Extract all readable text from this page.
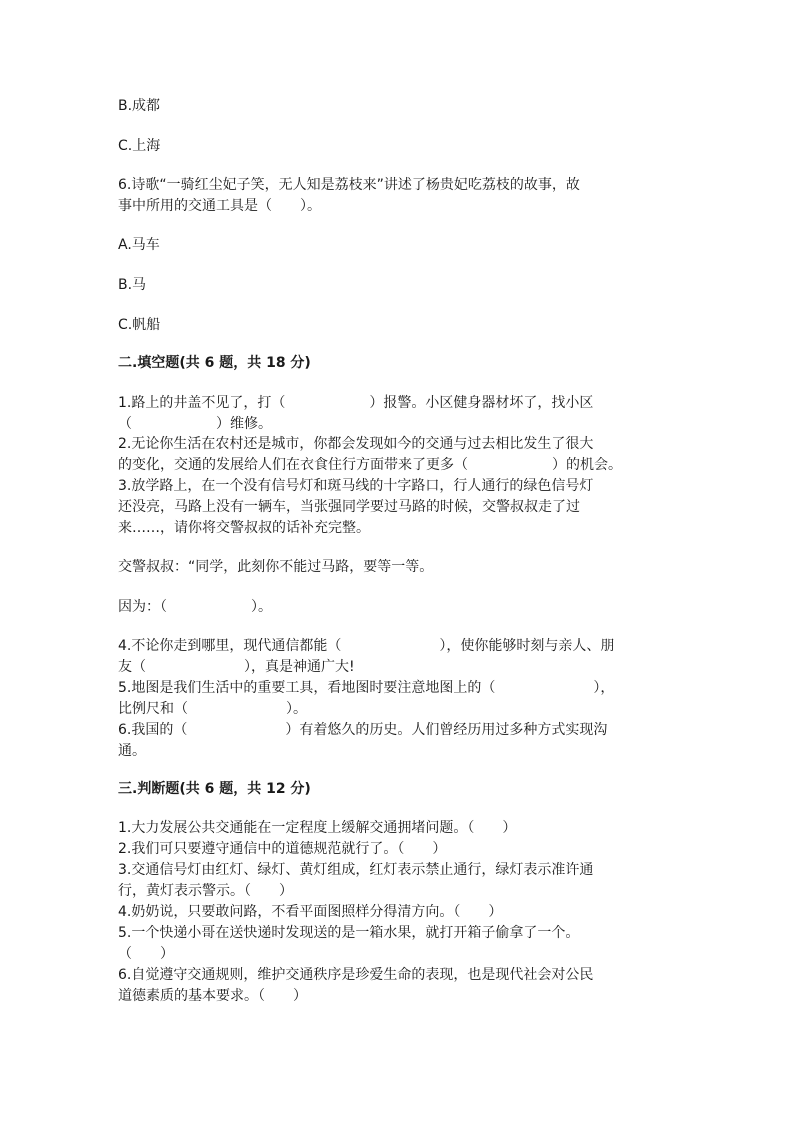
B.成都
C.上海
6.诗歌“一骑红尘妃子笑，无人知是荔枝来”讲述了杨贵妃吃荔枝的故事，故
事中所用的交通工具是（　　）。
A.马车
B.马
C.帆船
二.填空题(共 6 题，共 18 分)
1.路上的井盖不见了，打（　　　　　　）报警。小区健身器材坏了，找小区
（　　　　　　）维修。
2.无论你生活在农村还是城市，你都会发现如今的交通与过去相比发生了很大
的变化，交通的发展给人们在衣食住行方面带来了更多（　　　　　　）的机会。
3.放学路上，在一个没有信号灯和斑马线的十字路口，行人通行的绿色信号灯
还没亮，马路上没有一辆车，当张强同学要过马路的时候，交警叔叔走了过
来……，请你将交警叔叔的话补充完整。
交警叔叔：“同学，此刻你不能过马路，要等一等。
因为：（　　　　　　）。
4.不论你走到哪里，现代通信都能（　　　　　　　），使你能够时刻与亲人、朋
友（　　　　　　　），真是神通广大!
5.地图是我们生活中的重要工具，看地图时要注意地图上的（　　　　　　　），
比例尺和（　　　　　　　）。
6.我国的（　　　　　　　）有着悠久的历史。人们曾经历用过多种方式实现沟
通。
三.判断题(共 6 题，共 12 分)
1.大力发展公共交通能在一定程度上缓解交通拥堵问题。（　　）
2.我们可只要遵守通信中的道德规范就行了。（　　）
3.交通信号灯由红灯、绿灯、黄灯组成，红灯表示禁止通行，绿灯表示准许通
行，黄灯表示警示。（　　）
4.奶奶说，只要敢问路，不看平面图照样分得清方向。（　　）
5.一个快递小哥在送快递时发现送的是一箱水果，就打开箱子偷拿了一个。
（　　）
6.自觉遵守交通规则，维护交通秩序是珍爱生命的表现，也是现代社会对公民
道德素质的基本要求。（　　）
